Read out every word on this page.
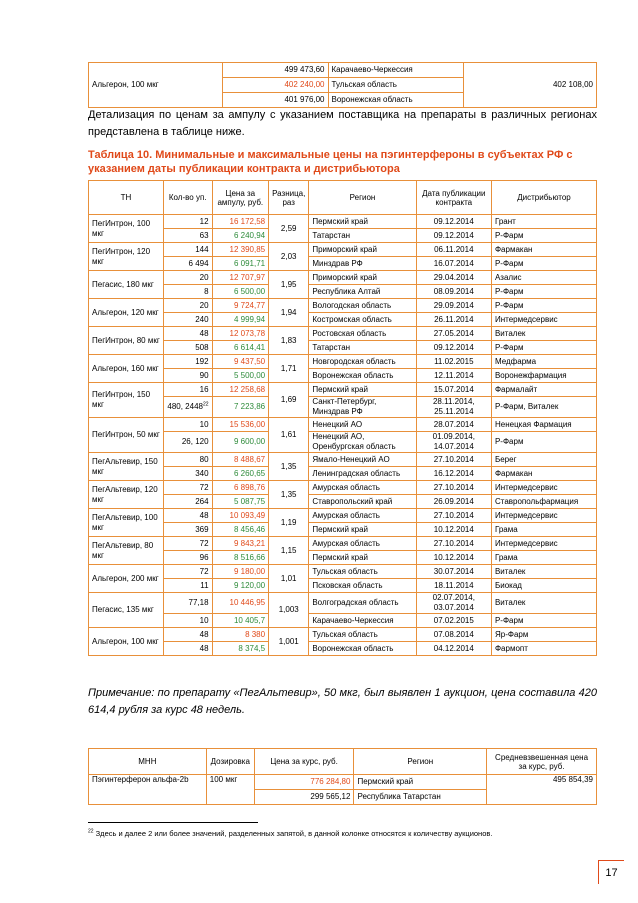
Альгерон, 100 мкг	499 473,60	Карачаево-Черкессия	402 108,00
	402 240,00	Тульская область	
	401 976,00	Воронежская область	
Детализация по ценам за ампулу с указанием поставщика на препараты в различных регионах представлена в таблице ниже.
Таблица 10. Минимальные и максимальные цены на пэгинтерфероны в субъектах РФ с указанием даты публикации контракта и дистрибьютора
ТН	Кол-во уп.	Цена за ампулу, руб.	Разница, раз	Регион	Дата публикации контракта	Дистрибьютор
ПегИнтрон, 100 мкг	12	16 172,58	2,59	Пермский край	09.12.2014	Грант
	63	6 240,94		Татарстан	09.12.2014	Р-Фарм
ПегИнтрон, 120 мкг	144	12 390,85	2,03	Приморский край	06.11.2014	Фармакан
	6 494	6 091,71		Минздрав РФ	16.07.2014	Р-Фарм
Пегасис, 180 мкг	20	12 707,97	1,95	Приморский край	29.04.2014	Азалис
	8	6 500,00		Республика Алтай	08.09.2014	Р-Фарм
Альгерон, 120 мкг	20	9 724,77	1,94	Вологодская область	29.09.2014	Р-Фарм
	240	4 999,94		Костромская область	26.11.2014	Интермедсервис
ПегИнтрон, 80 мкг	48	12 073,78	1,83	Ростовская область	27.05.2014	Виталек
	508	6 614,41		Татарстан	09.12.2014	Р-Фарм
Альгерон, 160 мкг	192	9 437,50	1,71	Новгородская область	11.02.2015	Медфарма
	90	5 500,00		Воронежская область	12.11.2014	Воронежфармация
ПегИнтрон, 150 мкг	16	12 258,68	1,69	Пермский край	15.07.2014	Фармалайт
	480, 2448$^{22}$	7 223,86		Санкт-Петербург, Минздрав РФ	28.11.2014, 25.11.2014	Р-Фарм, Виталек
ПегИнтрон, 50 мкг	10	15 536,00	1,61	Ненецкий АО	28.07.2014	Ненецкая Фармация
	26, 120	9 600,00		Ненецкий АО, Оренбургская область	01.09.2014, 14.07.2014	Р-Фарм
ПегАльтевир, 150 мкг	80	8 488,67	1,35	Ямало-Ненецкий АО	27.10.2014	Берег
	340	6 260,65		Ленинградская область	16.12.2014	Фармакан
ПегАльтевир, 120 мкг	72	6 898,76	1,35	Амурская область	27.10.2014	Интермедсервис
	264	5 087,75		Ставропольский край	26.09.2014	Ставропольфармация
ПегАльтевир, 100 мкг	48	10 093,49	1,19	Амурская область	27.10.2014	Интермедсервис
	369	8 456,46		Пермский край	10.12.2014	Грама
ПегАльтевир, 80 мкг	72	9 843,21	1,15	Амурская область	27.10.2014	Интермедсервис
	96	8 516,66		Пермский край	10.12.2014	Грама
Альгерон, 200 мкг	72	9 180,00	1,01	Тульская область	30.07.2014	Виталек
	11	9 120,00		Псковская область	18.11.2014	Биокад
Пегасис, 135 мкг	77,18	10 446,95	1,003	Волгоградская область	02.07.2014, 03.07.2014	Виталек
	10	10 405,7		Карачаево-Черкессия	07.02.2015	Р-Фарм
Альгерон, 100 мкг	48	8 380	1,001	Тульская область	07.08.2014	Яр-Фарм
	48	8 374,5		Воронежская область	04.12.2014	Фармопт
Примечание: по препарату «ПегАльтевир», 50 мкг, был выявлен 1 аукцион, цена составила 420 614,4 рубля за курс 48 недель.
МНН	Дозировка	Цена за курс, руб.	Регион	Средневзвешенная цена за курс, руб.
Пэгинтерферон альфа-2b	100 мкг	776 284,80	Пермский край	495 854,39
		299 565,12	Республика Татарстан	
$^{22}$ Здесь и далее 2 или более значений, разделенных запятой, в данной колонке относятся к количеству аукционов.
17
